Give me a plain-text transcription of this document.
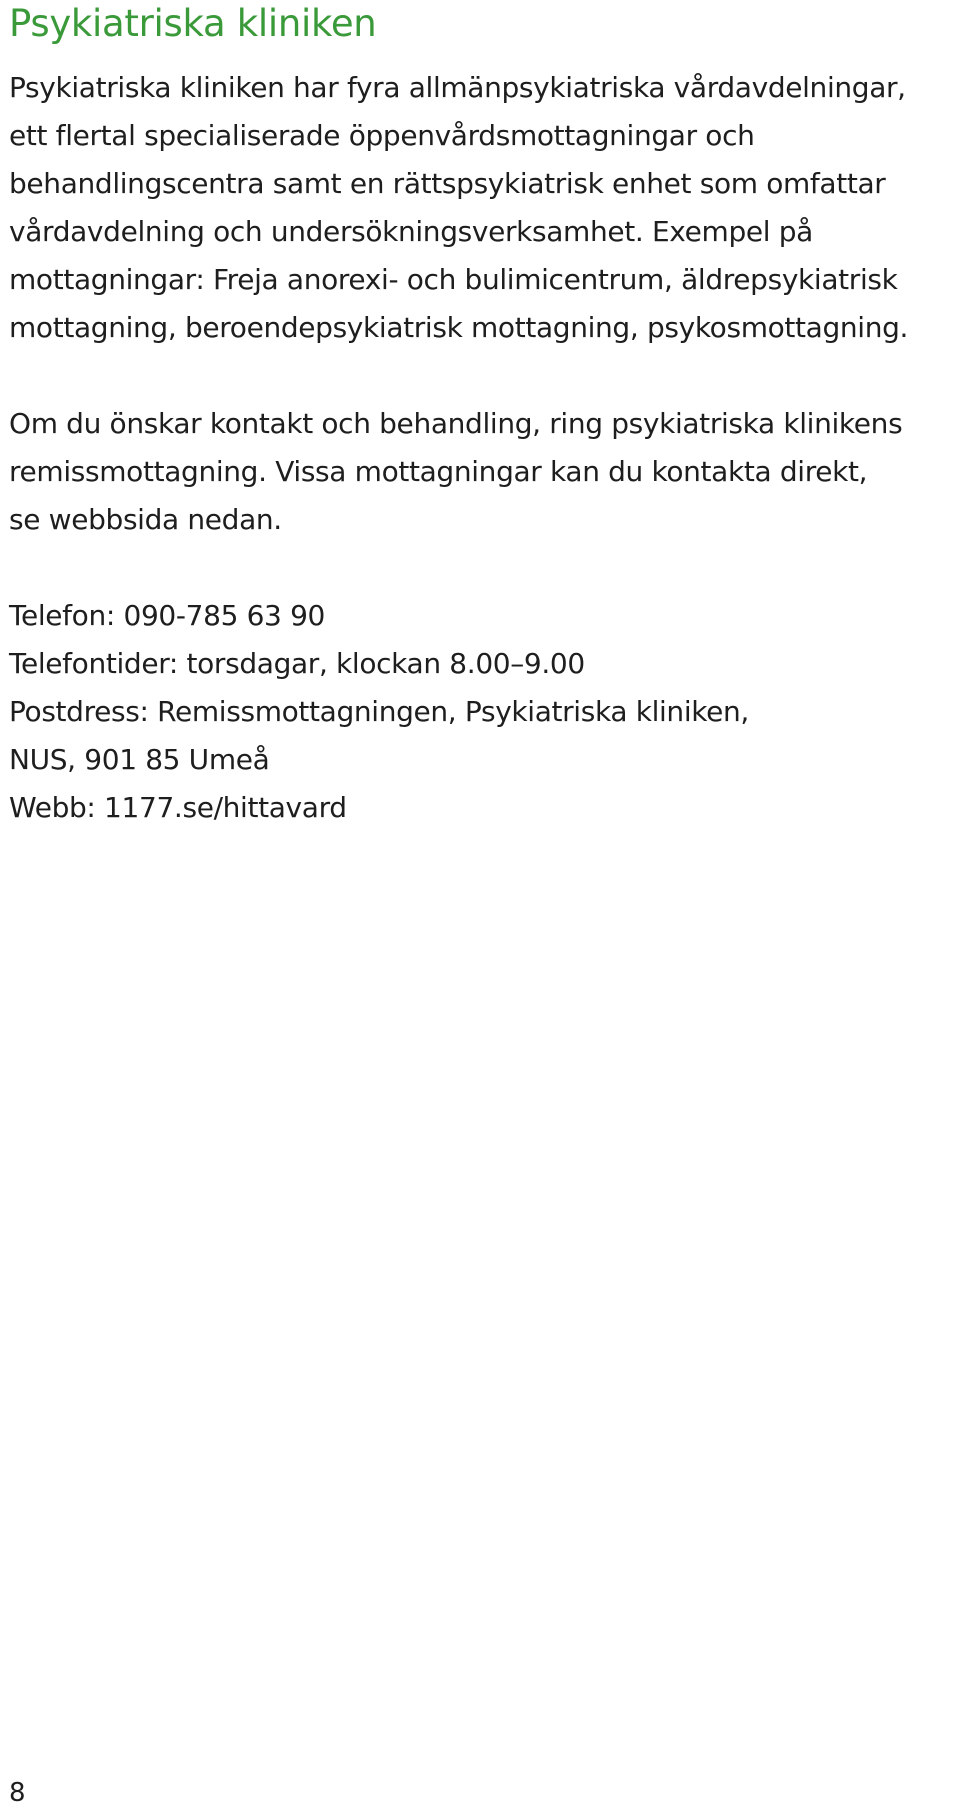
Psykiatriska kliniken

Psykiatriska kliniken har fyra allmänpsykiatriska vårdavdelningar,
ett flertal specialiserade öppenvårdsmottagningar och
behandlingscentra samt en rättspsykiatrisk enhet som omfattar
vårdavdelning och undersökningsverksamhet. Exempel på
mottagningar: Freja anorexi- och bulimicentrum, äldrepsykiatrisk
mottagning, beroendepsykiatrisk mottagning, psykosmottagning.

Om du önskar kontakt och behandling, ring psykiatriska klinikens
remissmottagning. Vissa mottagningar kan du kontakta direkt,
se webbsida nedan.

Telefon: 090-785 63 90
Telefontider: torsdagar, klockan 8.00–9.00
Postdress: Remissmottagningen, Psykiatriska kliniken,
NUS, 901 85 Umeå
Webb: 1177.se/hittavard

8
